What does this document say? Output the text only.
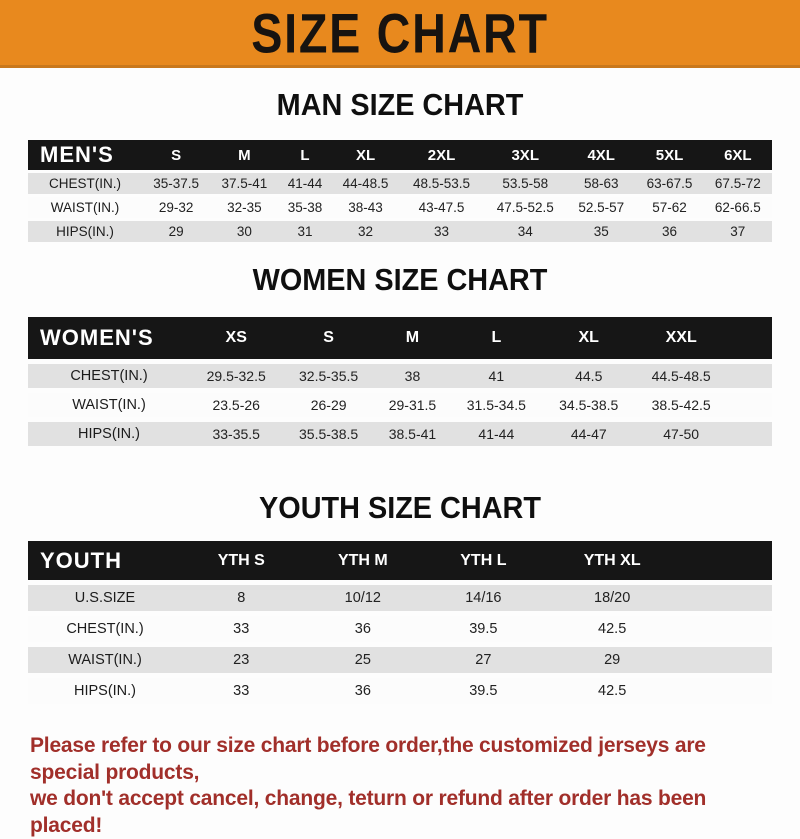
SIZE CHART
MAN SIZE CHART
MEN'S	S	M	L	XL	2XL	3XL	4XL	5XL	6XL
CHEST(IN.)	35-37.5	37.5-41	41-44	44-48.5	48.5-53.5	53.5-58	58-63	63-67.5	67.5-72
WAIST(IN.)	29-32	32-35	35-38	38-43	43-47.5	47.5-52.5	52.5-57	57-62	62-66.5
HIPS(IN.)	29	30	31	32	33	34	35	36	37
WOMEN SIZE CHART
WOMEN'S	XS	S	M	L	XL	XXL	
CHEST(IN.)	29.5-32.5	32.5-35.5	38	41	44.5	44.5-48.5	
WAIST(IN.)	23.5-26	26-29	29-31.5	31.5-34.5	34.5-38.5	38.5-42.5	
HIPS(IN.)	33-35.5	35.5-38.5	38.5-41	41-44	44-47	47-50	
YOUTH SIZE CHART
YOUTH	YTH S	YTH M	YTH L	YTH XL	
U.S.SIZE	8	10/12	14/16	18/20	
CHEST(IN.)	33	36	39.5	42.5	
WAIST(IN.)	23	25	27	29	
HIPS(IN.)	33	36	39.5	42.5	
Please refer to our size chart before order,the customized jerseys are special products,
we don't accept cancel, change, teturn or refund after order has been placed!
